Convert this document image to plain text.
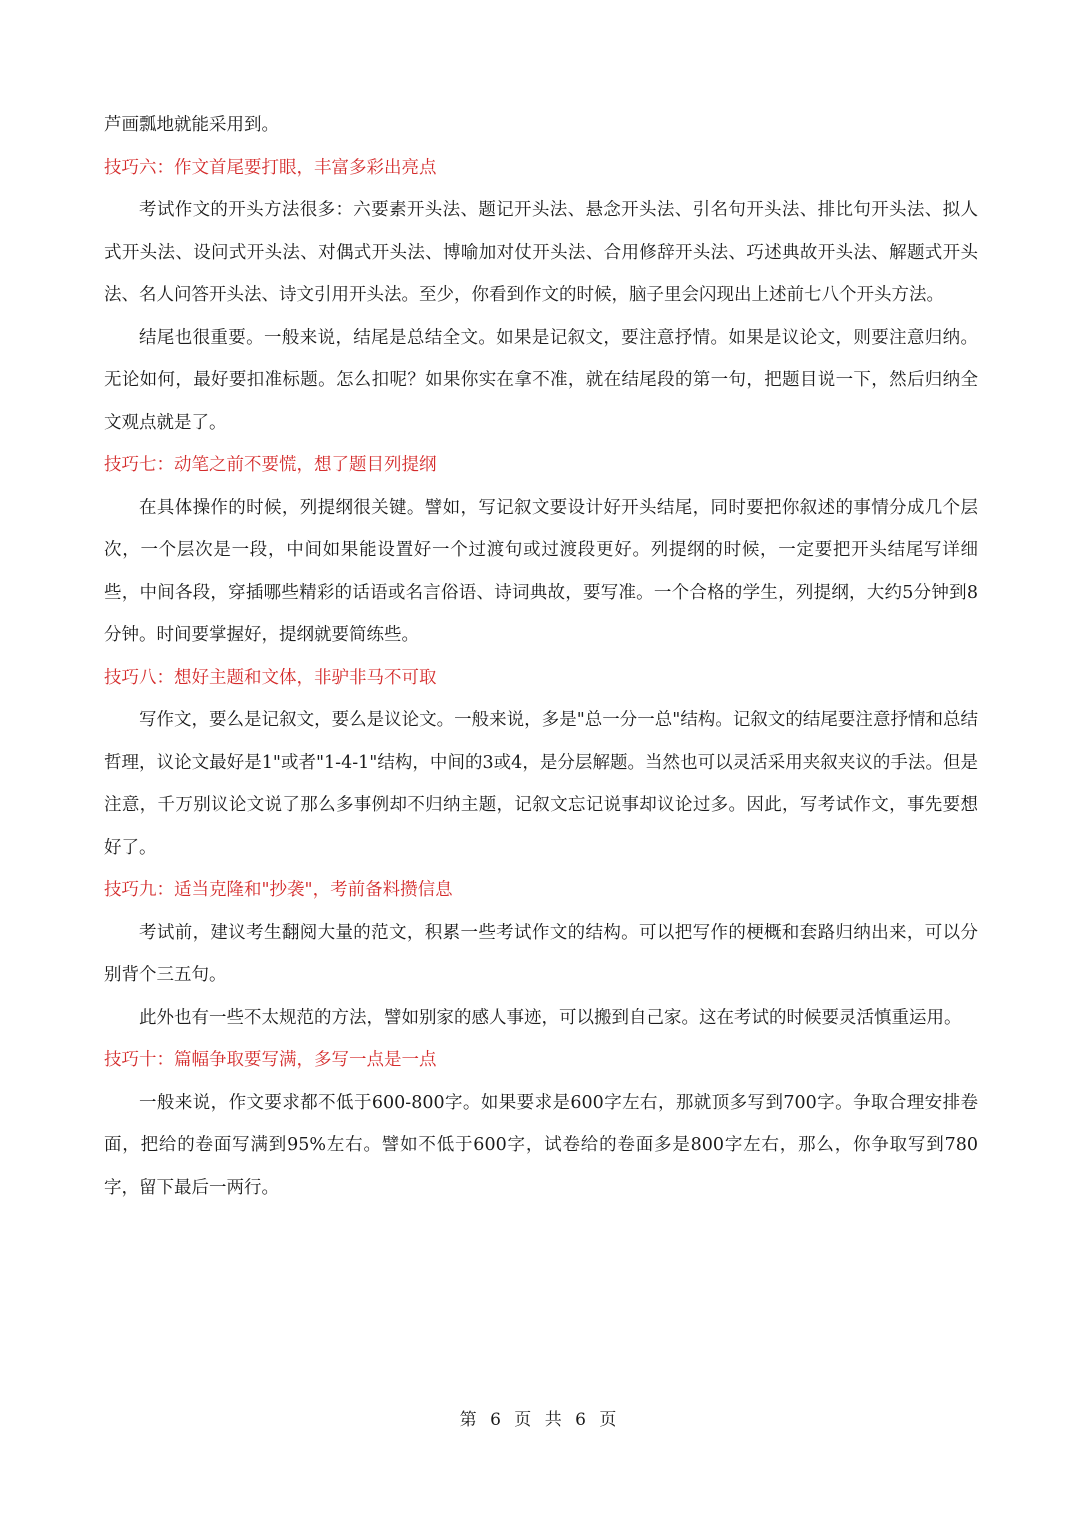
芦画瓢地就能采用到。

技巧六：作文首尾要打眼，丰富多彩出亮点

考试作文的开头方法很多：六要素开头法、题记开头法、悬念开头法、引名句开头法、排比句开头法、拟人式开头法、设问式开头法、对偶式开头法、博喻加对仗开头法、合用修辞开头法、巧述典故开头法、解题式开头法、名人问答开头法、诗文引用开头法。至少，你看到作文的时候，脑子里会闪现出上述前七八个开头方法。

结尾也很重要。一般来说，结尾是总结全文。如果是记叙文，要注意抒情。如果是议论文，则要注意归纳。无论如何，最好要扣准标题。怎么扣呢？如果你实在拿不准，就在结尾段的第一句，把题目说一下，然后归纳全文观点就是了。

技巧七：动笔之前不要慌，想了题目列提纲

在具体操作的时候，列提纲很关键。譬如，写记叙文要设计好开头结尾，同时要把你叙述的事情分成几个层次，一个层次是一段，中间如果能设置好一个过渡句或过渡段更好。列提纲的时候，一定要把开头结尾写详细些，中间各段，穿插哪些精彩的话语或名言俗语、诗词典故，要写准。一个合格的学生，列提纲，大约5分钟到8分钟。时间要掌握好，提纲就要简练些。

技巧八：想好主题和文体，非驴非马不可取

写作文，要么是记叙文，要么是议论文。一般来说，多是"总一分一总"结构。记叙文的结尾要注意抒情和总结哲理，议论文最好是1"或者"1-4-1"结构，中间的3或4，是分层解题。当然也可以灵活采用夹叙夹议的手法。但是注意，千万别议论文说了那么多事例却不归纳主题，记叙文忘记说事却议论过多。因此，写考试作文，事先要想好了。

技巧九：适当克隆和"抄袭"，考前备料攒信息

考试前，建议考生翻阅大量的范文，积累一些考试作文的结构。可以把写作的梗概和套路归纳出来，可以分别背个三五句。

此外也有一些不太规范的方法，譬如别家的感人事迹，可以搬到自己家。这在考试的时候要灵活慎重运用。

技巧十：篇幅争取要写满，多写一点是一点

一般来说，作文要求都不低于600-800字。如果要求是600字左右，那就顶多写到700字。争取合理安排卷面，把给的卷面写满到95%左右。譬如不低于600字，试卷给的卷面多是800字左右，那么，你争取写到780字，留下最后一两行。

第 6 页 共 6 页
